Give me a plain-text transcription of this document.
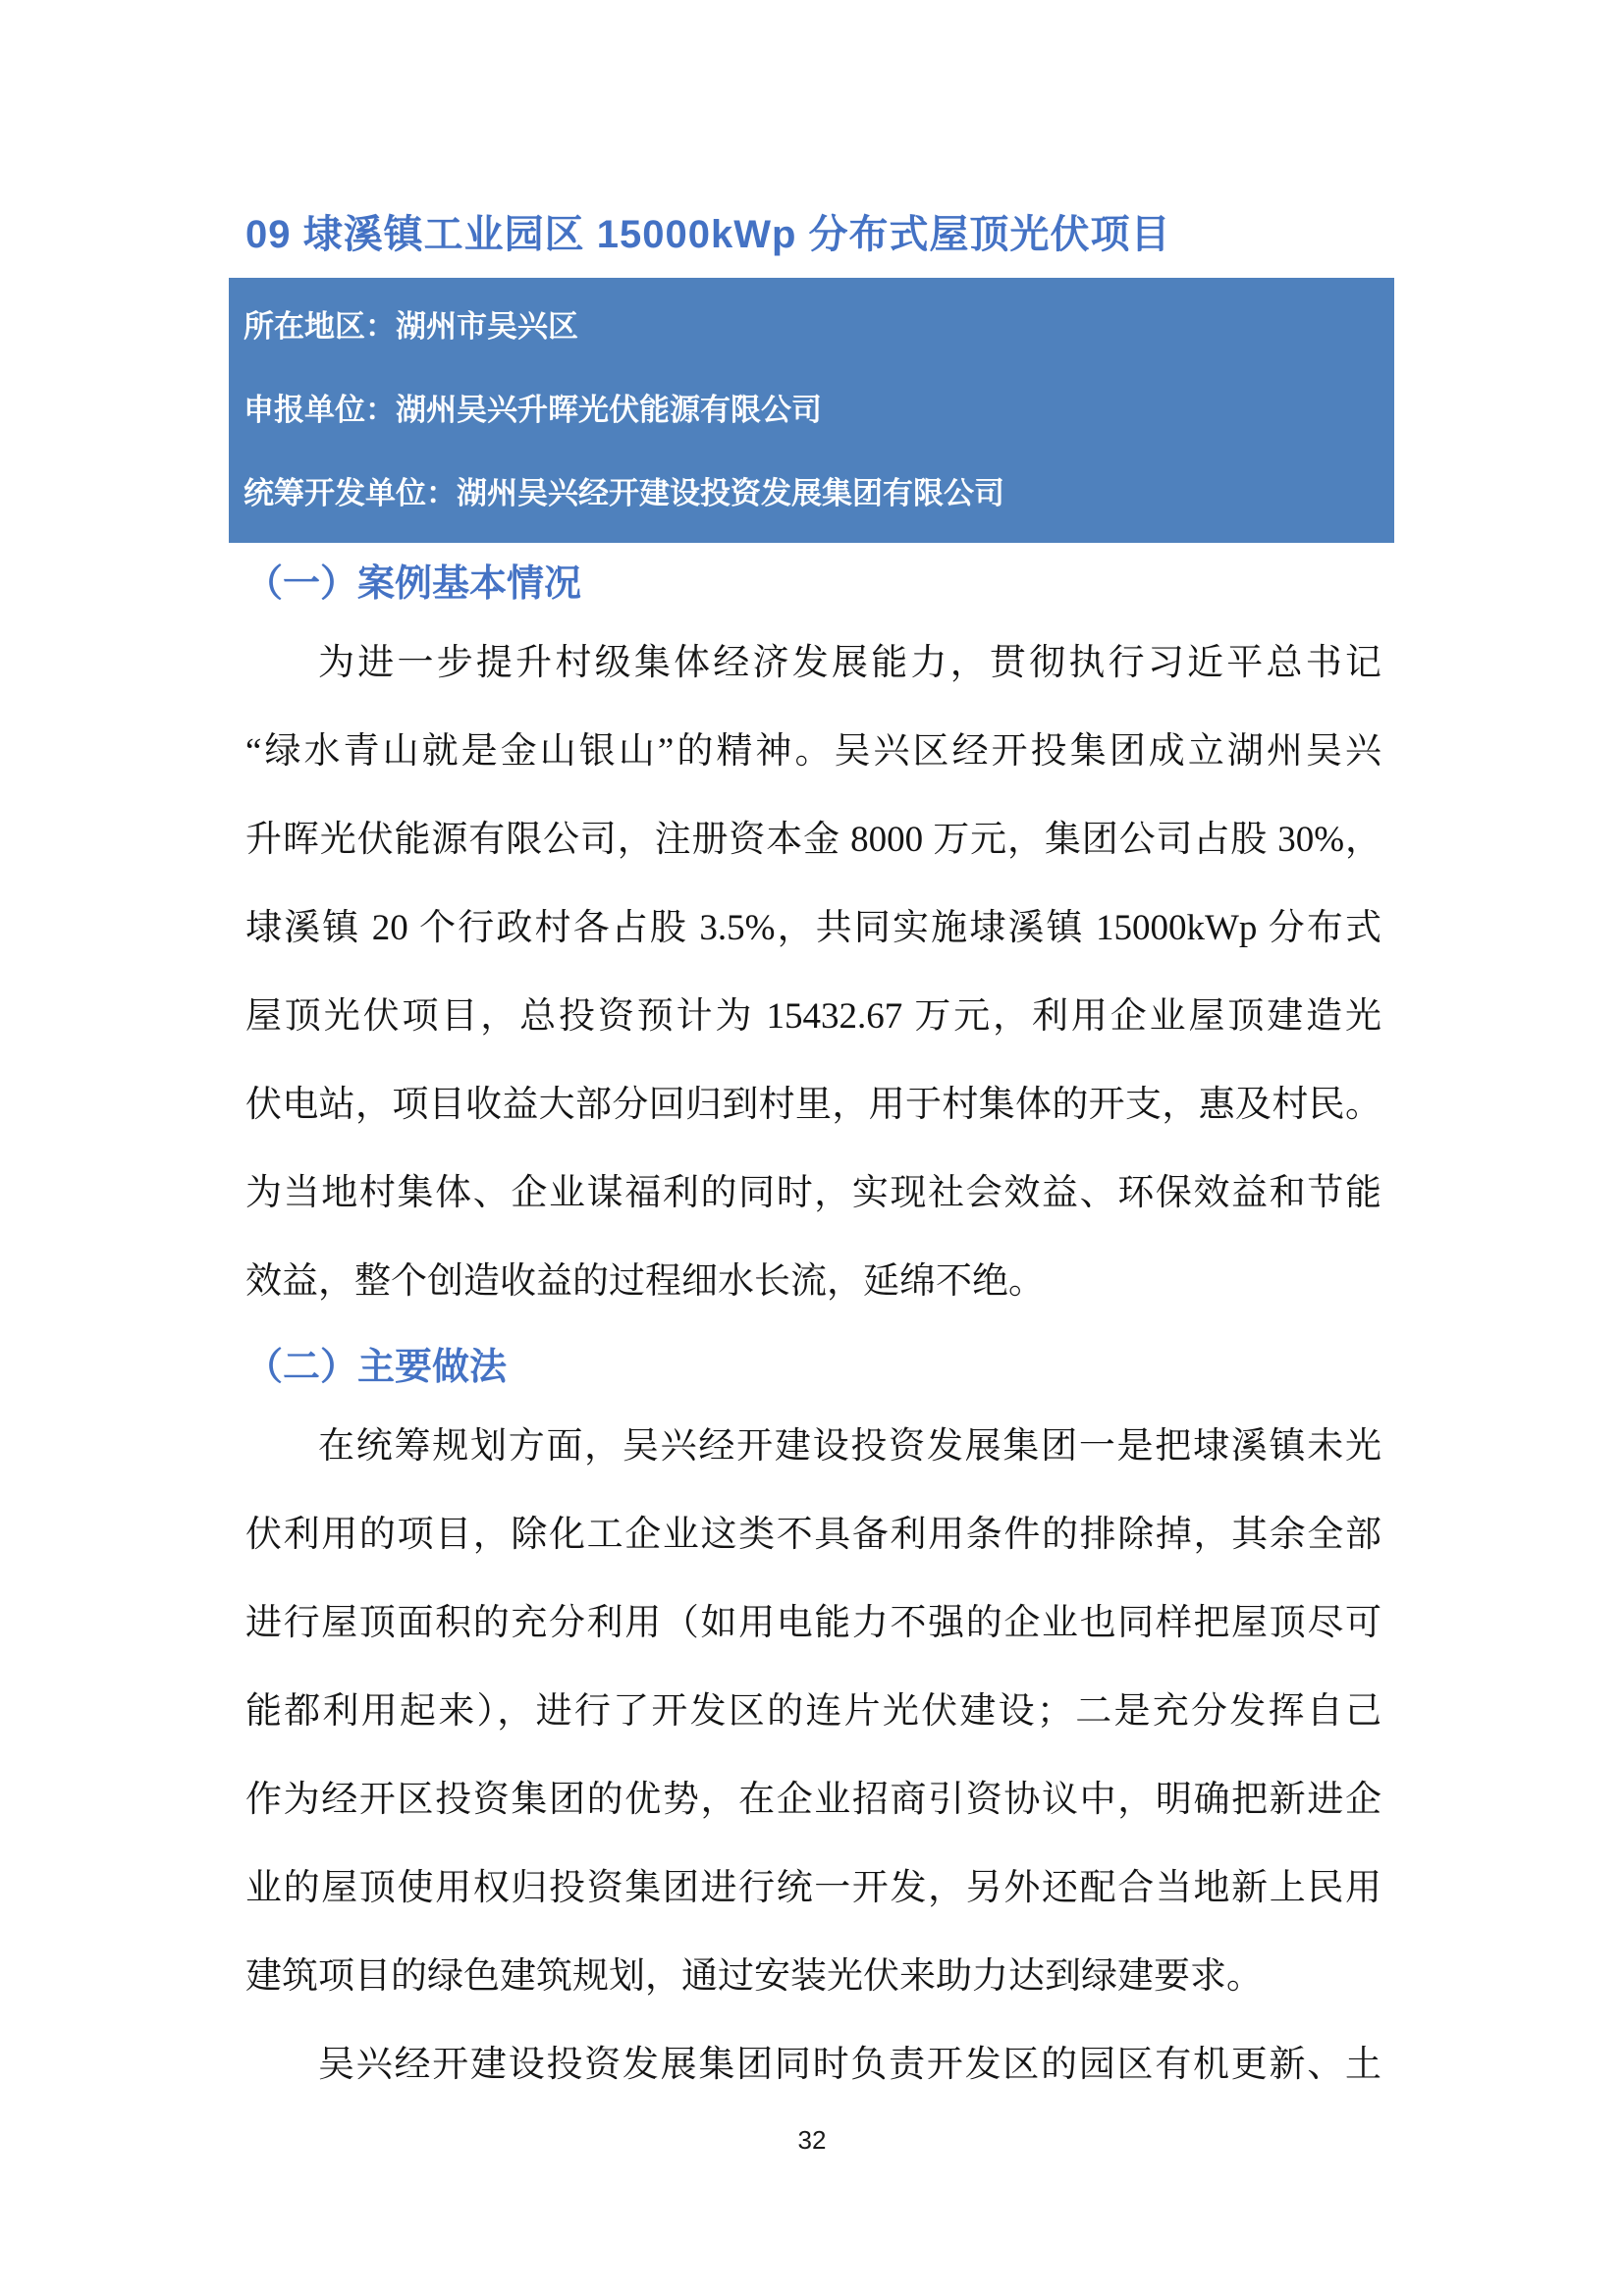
09 埭溪镇工业园区 15000kWp 分布式屋顶光伏项目
所在地区：湖州市吴兴区
申报单位：湖州吴兴升晖光伏能源有限公司
统筹开发单位：湖州吴兴经开建设投资发展集团有限公司
（一）案例基本情况
为进一步提升村级集体经济发展能力，贯彻执行习近平总书记
“绿水青山就是金山银山”的精神。吴兴区经开投集团成立湖州吴兴
升晖光伏能源有限公司，注册资本金 8000 万元，集团公司占股 30%，
埭溪镇 20 个行政村各占股 3.5%，共同实施埭溪镇 15000kWp 分布式
屋顶光伏项目，总投资预计为 15432.67 万元，利用企业屋顶建造光
伏电站，项目收益大部分回归到村里，用于村集体的开支，惠及村民。
为当地村集体、企业谋福利的同时，实现社会效益、环保效益和节能
效益，整个创造收益的过程细水长流，延绵不绝。
（二）主要做法
在统筹规划方面，吴兴经开建设投资发展集团一是把埭溪镇未光
伏利用的项目，除化工企业这类不具备利用条件的排除掉，其余全部
进行屋顶面积的充分利用（如用电能力不强的企业也同样把屋顶尽可
能都利用起来），进行了开发区的连片光伏建设；二是充分发挥自己
作为经开区投资集团的优势，在企业招商引资协议中，明确把新进企
业的屋顶使用权归投资集团进行统一开发，另外还配合当地新上民用
建筑项目的绿色建筑规划，通过安装光伏来助力达到绿建要求。
吴兴经开建设投资发展集团同时负责开发区的园区有机更新、土
32
